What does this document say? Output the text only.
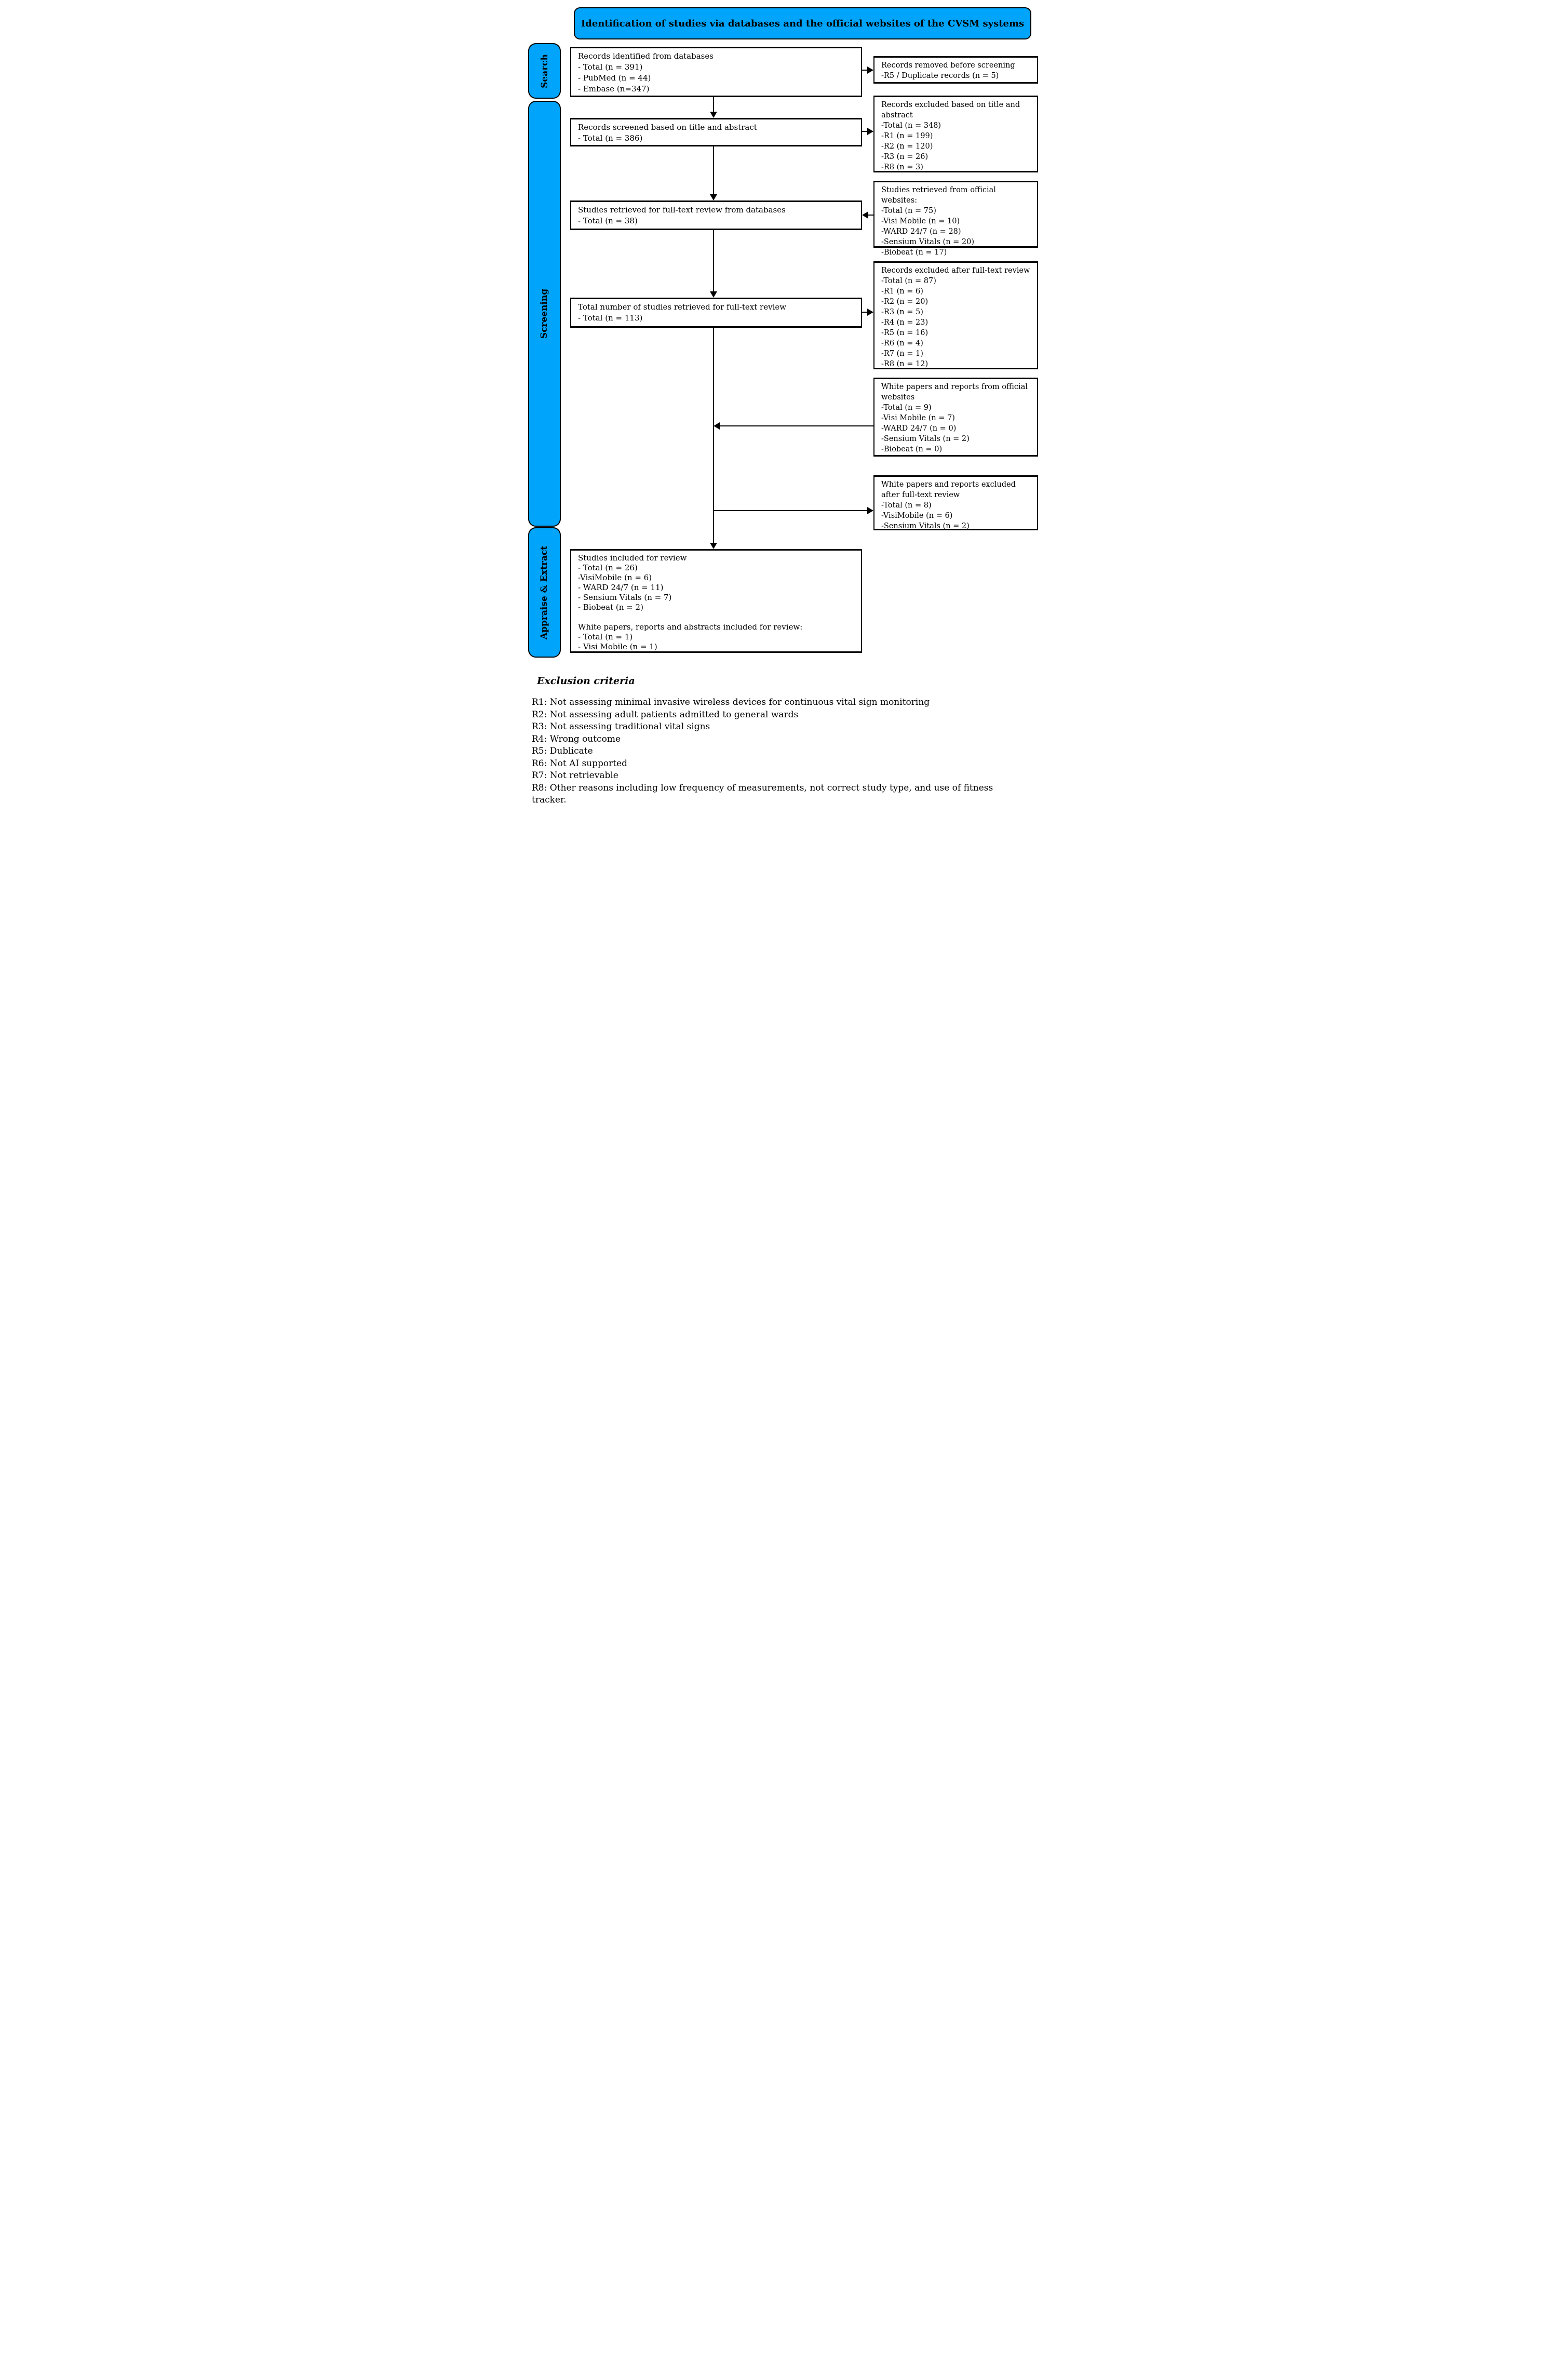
Identification of studies via databases and the official websites of the CVSM systems
Search
Screening
Appraise & Extract
Records identified from databases
- Total (n = 391)
- PubMed (n = 44)
- Embase (n=347)
Records screened based on title and abstract
- Total (n = 386)
Studies retrieved for full-text review from databases
- Total (n = 38)
Total number of studies retrieved for full-text review
- Total (n = 113)
Studies included for review
- Total (n = 26)
-VisiMobile (n = 6)
- WARD 24/7 (n = 11)
- Sensium Vitals (n = 7)
- Biobeat (n = 2)

White papers, reports and abstracts included for review:
- Total (n = 1)
- Visi Mobile (n = 1)
Records removed before screening
-R5 / Duplicate records (n = 5)
Records excluded based on title and abstract
-Total (n = 348)
-R1 (n = 199)
-R2 (n = 120)
-R3 (n = 26)
-R8 (n = 3)
Studies retrieved from official websites:
-Total (n = 75)
-Visi Mobile (n = 10)
-WARD 24/7 (n = 28)
-Sensium Vitals (n = 20)
-Biobeat (n = 17)
Records excluded after full-text review
-Total (n = 87)
-R1 (n = 6)
-R2 (n = 20)
-R3 (n = 5)
-R4 (n = 23)
-R5 (n = 16)
-R6 (n = 4)
-R7 (n = 1)
-R8 (n = 12)
White papers and reports from official websites
-Total (n = 9)
-Visi Mobile (n = 7)
-WARD 24/7 (n = 0)
-Sensium Vitals (n = 2)
-Biobeat (n = 0)
White papers and reports excluded after full-text review
-Total (n = 8)
-VisiMobile (n = 6)
-Sensium Vitals (n = 2)
Exclusion criteria
R1: Not assessing minimal invasive wireless devices for continuous vital sign monitoring
R2: Not assessing adult patients admitted to general wards
R3: Not assessing traditional vital signs
R4: Wrong outcome
R5: Dublicate
R6: Not AI supported
R7: Not retrievable
R8: Other reasons including low frequency of measurements, not correct study type, and use of fitness tracker.
